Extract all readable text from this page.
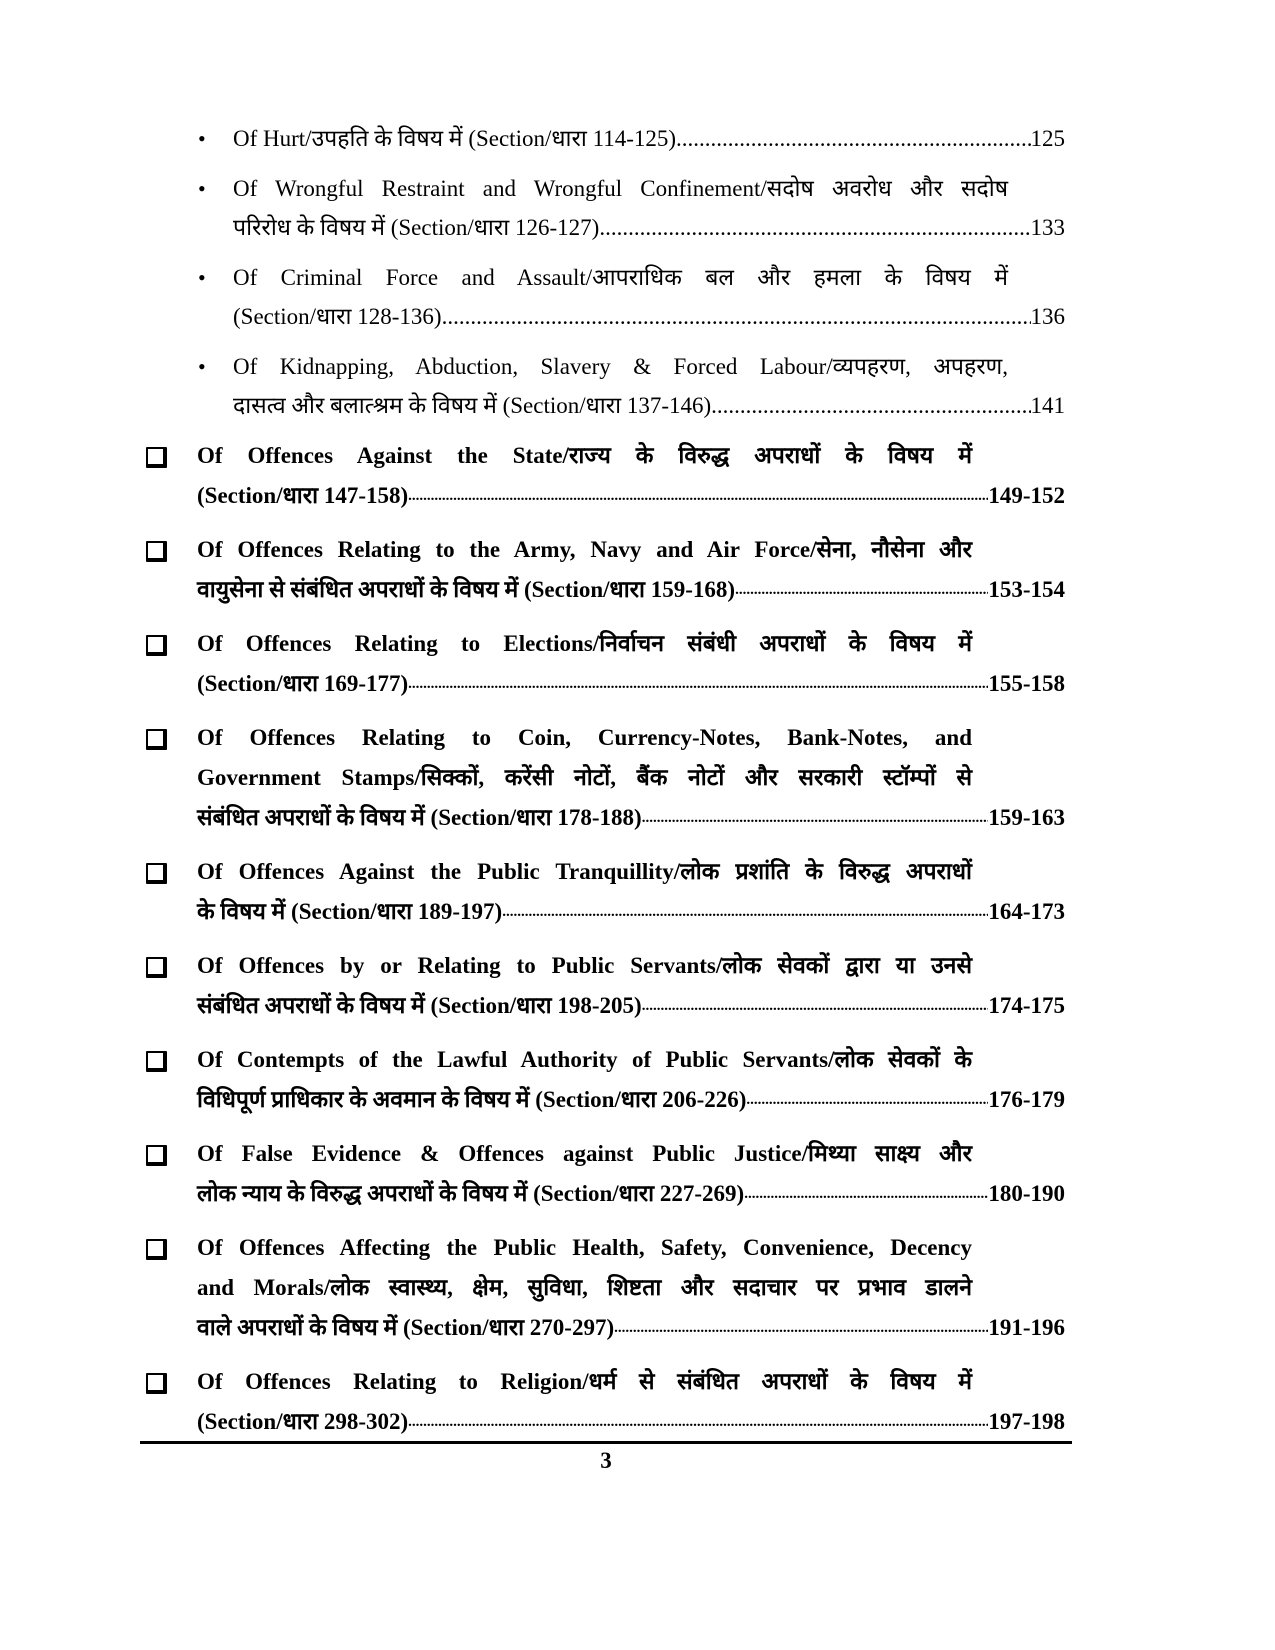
• Of Hurt/उपहति के विषय में (Section/धारा 114-125) .....	125
• Of Wrongful Restraint and Wrongful Confinement/सदोष अवरोध और सदोष
परिरोध के विषय में (Section/धारा 126-127) .....	133
• Of Criminal Force and Assault/आपराधिक बल और हमला के विषय में
(Section/धारा 128-136) .....	136
• Of Kidnapping, Abduction, Slavery & Forced Labour/व्यपहरण, अपहरण,
दासत्व और बलात्श्रम के विषय में (Section/धारा 137-146) .....	141
Of Offences Against the State/राज्य के विरुद्ध अपराधों के विषय में
(Section/धारा 147-158) .....	149-152
Of Offences Relating to the Army, Navy and Air Force/सेना, नौसेना और
वायुसेना से संबंधित अपराधों के विषय में (Section/धारा 159-168) .....	153-154
Of Offences Relating to Elections/निर्वाचन संबंधी अपराधों के विषय में
(Section/धारा 169-177) .....	155-158
Of Offences Relating to Coin, Currency-Notes, Bank-Notes, and
Government Stamps/सिक्कों, करेंसी नोटों, बैंक नोटों और सरकारी स्टॉम्पों से
संबंधित अपराधों के विषय में (Section/धारा 178-188) .....	159-163
Of Offences Against the Public Tranquillity/लोक प्रशांति के विरुद्ध अपराधों
के विषय में (Section/धारा 189-197) .....	164-173
Of Offences by or Relating to Public Servants/लोक सेवकों द्वारा या उनसे
संबंधित अपराधों के विषय में (Section/धारा 198-205) .....	174-175
Of Contempts of the Lawful Authority of Public Servants/लोक सेवकों के
विधिपूर्ण प्राधिकार के अवमान के विषय में (Section/धारा 206-226) .....	176-179
Of False Evidence & Offences against Public Justice/मिथ्या साक्ष्य और
लोक न्याय के विरुद्ध अपराधों के विषय में (Section/धारा 227-269) .....	180-190
Of Offences Affecting the Public Health, Safety, Convenience, Decency
and Morals/लोक स्वास्थ्य, क्षेम, सुविधा, शिष्टता और सदाचार पर प्रभाव डालने
वाले अपराधों के विषय में (Section/धारा 270-297) .....	191-196
Of Offences Relating to Religion/धर्म से संबंधित अपराधों के विषय में
(Section/धारा 298-302) .....	197-198
3
